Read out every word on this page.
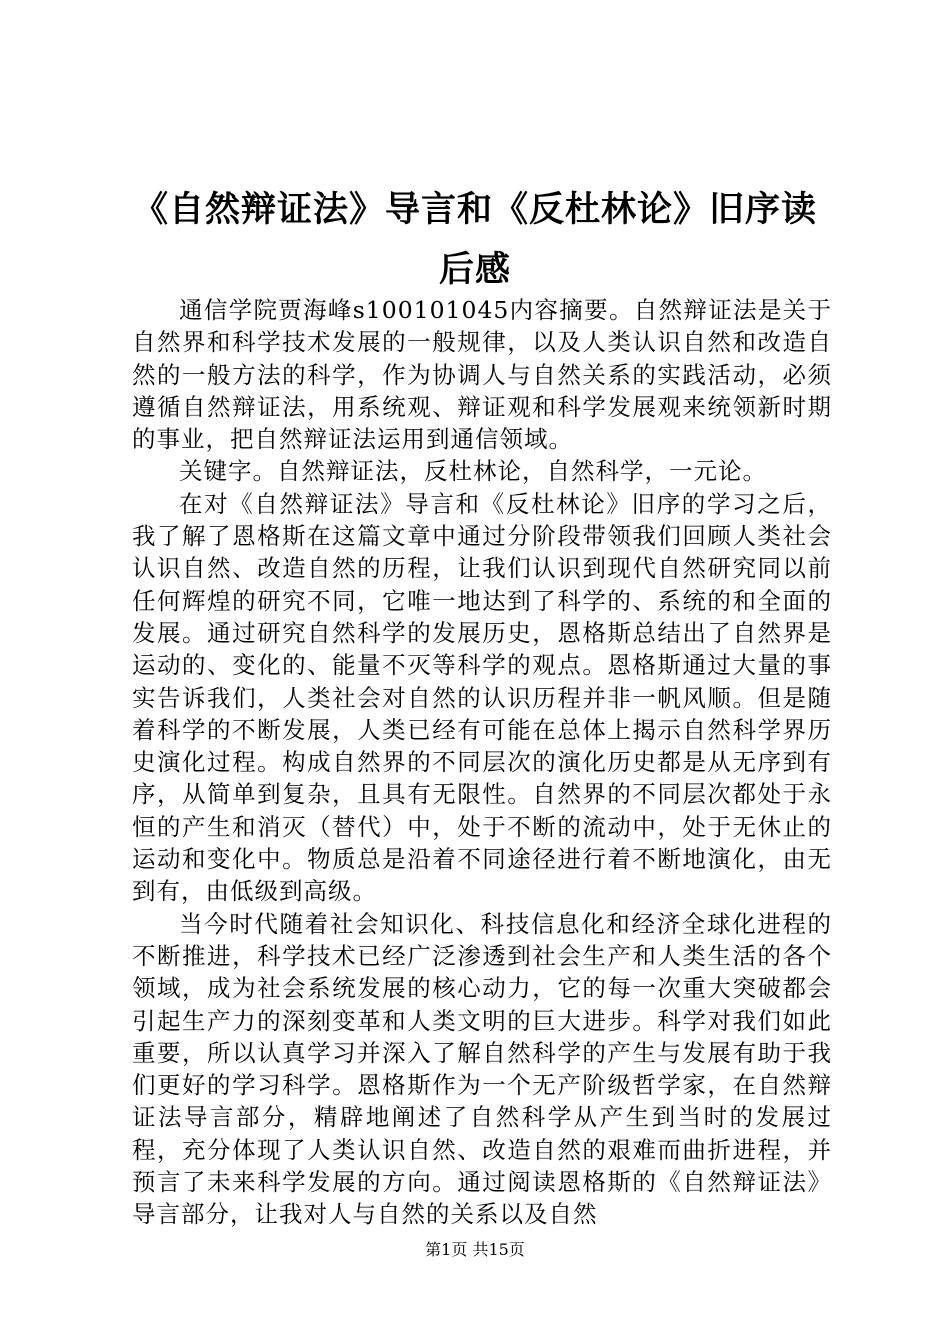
《自然辩证法》导言和《反杜林论》旧序读后感

通信学院贾海峰s100101045内容摘要。自然辩证法是关于自然界和科学技术发展的一般规律，以及人类认识自然和改造自然的一般方法的科学，作为协调人与自然关系的实践活动，必须遵循自然辩证法，用系统观、辩证观和科学发展观来统领新时期的事业，把自然辩证法运用到通信领域。

关键字。自然辩证法，反杜林论，自然科学，一元论。

在对《自然辩证法》导言和《反杜林论》旧序的学习之后，我了解了恩格斯在这篇文章中通过分阶段带领我们回顾人类社会认识自然、改造自然的历程，让我们认识到现代自然研究同以前任何辉煌的研究不同，它唯一地达到了科学的、系统的和全面的发展。通过研究自然科学的发展历史，恩格斯总结出了自然界是运动的、变化的、能量不灭等科学的观点。恩格斯通过大量的事实告诉我们，人类社会对自然的认识历程并非一帆风顺。但是随着科学的不断发展，人类已经有可能在总体上揭示自然科学界历史演化过程。构成自然界的不同层次的演化历史都是从无序到有序，从简单到复杂，且具有无限性。自然界的不同层次都处于永恒的产生和消灭（替代）中，处于不断的流动中，处于无休止的运动和变化中。物质总是沿着不同途径进行着不断地演化，由无到有，由低级到高级。

当今时代随着社会知识化、科技信息化和经济全球化进程的不断推进，科学技术已经广泛渗透到社会生产和人类生活的各个领域，成为社会系统发展的核心动力，它的每一次重大突破都会引起生产力的深刻变革和人类文明的巨大进步。科学对我们如此重要，所以认真学习并深入了解自然科学的产生与发展有助于我们更好的学习科学。恩格斯作为一个无产阶级哲学家，在自然辩证法导言部分，精辟地阐述了自然科学从产生到当时的发展过程，充分体现了人类认识自然、改造自然的艰难而曲折进程，并预言了未来科学发展的方向。通过阅读恩格斯的《自然辩证法》导言部分，让我对人与自然的关系以及自然

第1页 共15页
